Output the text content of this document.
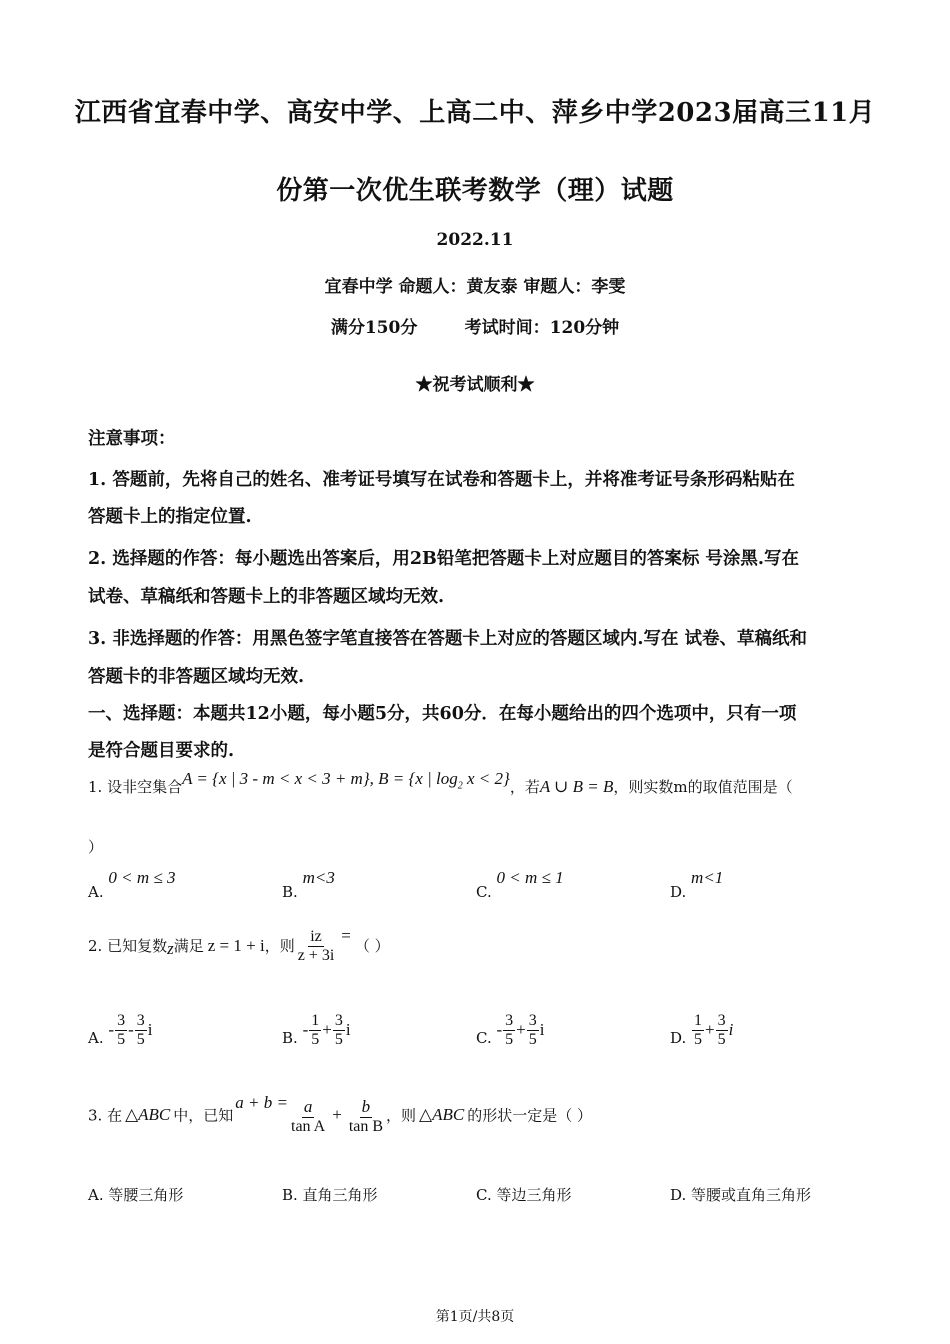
江西省宜春中学、高安中学、上高二中、萍乡中学2023届高三11月
份第一次优生联考数学（理）试题
2022.11
宜春中学 命题人：黄友泰 审题人：李雯
满分150分        考试时间：120分钟
★祝考试顺利★
注意事项：
1. 答题前，先将自己的姓名、准考证号填写在试卷和答题卡上，并将准考证号条形码粘贴在
答题卡上的指定位置.
2. 选择题的作答：每小题选出答案后，用2B铅笔把答题卡上对应题目的答案标 号涂黑.写在
试卷、草稿纸和答题卡上的非答题区域均无效.
3. 非选择题的作答：用黑色签字笔直接答在答题卡上对应的答题区域内.写在 试卷、草稿纸和
答题卡的非答题区域均无效.
一、选择题：本题共12小题，每小题5分，共60分．在每小题给出的四个选项中，只有一项
是符合题目要求的.
1. 设非空集合A = {x | 3 - m < x < 3 + m}, B = {x | $\log_2 x < 2$}，若A ∪ B = B，则实数m的取值范围是（
）
A. 0 < m ≤ 3
B. m<3
C. 0 < m ≤ 1
D. m<1
2. 已知复数z满足 z = 1 + i，则 $\frac{iz}{z + 3i}$ =（ ）
A. - $\frac{3}{5} - \frac{3}{5}$ i	B. - $\frac{1}{5} + \frac{3}{5}$ i	C. - $\frac{3}{5} + \frac{3}{5}$ i	D. $\frac{1}{5} + \frac{3}{5}$ i
3. 在 △ABC 中，已知$a + b = \frac{a}{\text{tan A}} + \frac{b}{\text{tan B}}$ ，则 △ABC 的形状一定是（ ）
A. 等腰三角形	B. 直角三角形	C. 等边三角形	D. 等腰或直角三角形
第1页/共8页
